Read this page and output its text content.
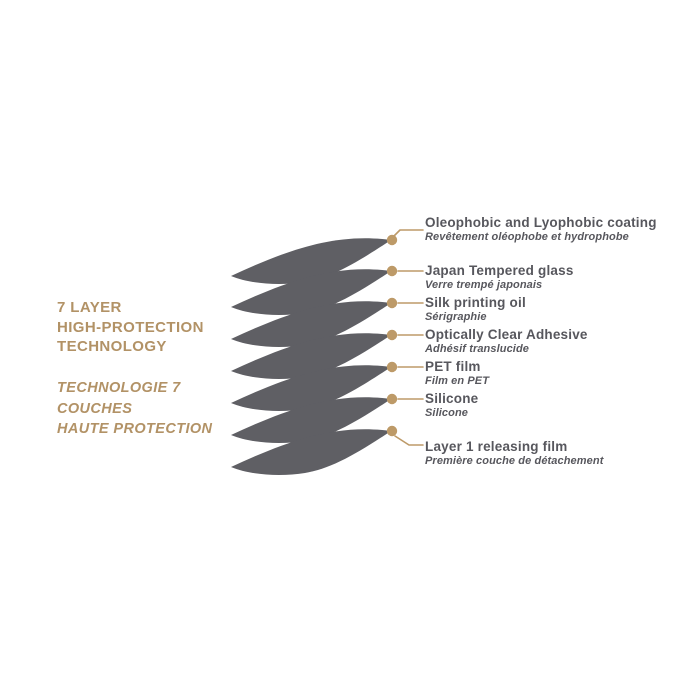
7 LAYER
HIGH-PROTECTION
TECHNOLOGY
TECHNOLOGIE 7
COUCHES
HAUTE PROTECTION
Oleophobic and Lyophobic coating
Revêtement oléophobe et hydrophobe
Japan Tempered glass
Verre trempé japonais
Silk printing oil
Sérigraphie
Optically Clear Adhesive
Adhésif translucide
PET film
Film en PET
Silicone
Silicone
Layer 1 releasing film
Première couche de détachement
